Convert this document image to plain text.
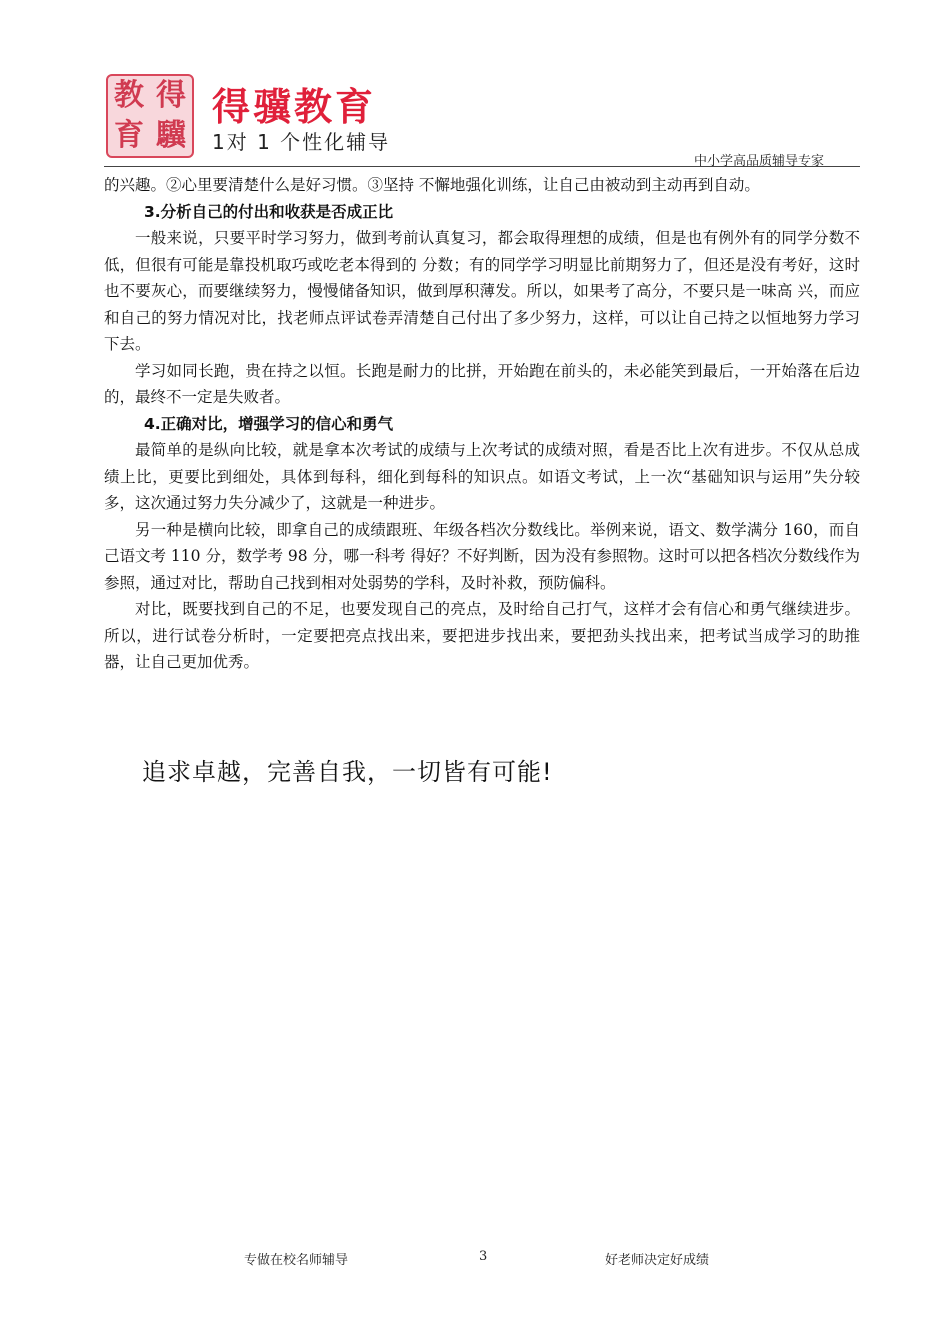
教 得
育 驥
得骥教育
1对 1 个性化辅导
中小学高品质辅导专家

的兴趣。②心里要清楚什么是好习惯。③坚持 不懈地强化训练，让自己由被动到主动再到自动。

3.分析自己的付出和收获是否成正比

一般来说，只要平时学习努力，做到考前认真复习，都会取得理想的成绩，但是也有例外有的同学分数不低，但很有可能是靠投机取巧或吃老本得到的 分数；有的同学学习明显比前期努力了，但还是没有考好，这时也不要灰心，而要继续努力，慢慢储备知识，做到厚积薄发。所以，如果考了高分，不要只是一味高 兴，而应和自己的努力情况对比，找老师点评试卷弄清楚自己付出了多少努力，这样，可以让自己持之以恒地努力学习下去。

学习如同长跑，贵在持之以恒。长跑是耐力的比拼，开始跑在前头的，未必能笑到最后，一开始落在后边的，最终不一定是失败者。

4.正确对比，增强学习的信心和勇气

最简单的是纵向比较，就是拿本次考试的成绩与上次考试的成绩对照，看是否比上次有进步。不仅从总成绩上比，更要比到细处，具体到每科，细化到每科的知识点。如语文考试，上一次“基础知识与运用”失分较多，这次通过努力失分减少了，这就是一种进步。

另一种是横向比较，即拿自己的成绩跟班、年级各档次分数线比。举例来说，语文、数学满分 160，而自己语文考 110 分，数学考 98 分，哪一科考 得好？不好判断，因为没有参照物。这时可以把各档次分数线作为参照，通过对比，帮助自己找到相对处弱势的学科，及时补救，预防偏科。

对比，既要找到自己的不足，也要发现自己的亮点，及时给自己打气，这样才会有信心和勇气继续进步。所以，进行试卷分析时，一定要把亮点找出来，要把进步找出来，要把劲头找出来，把考试当成学习的助推器，让自己更加优秀。

追求卓越，完善自我，一切皆有可能!
专做在校名师辅导	3	好老师决定好成绩
